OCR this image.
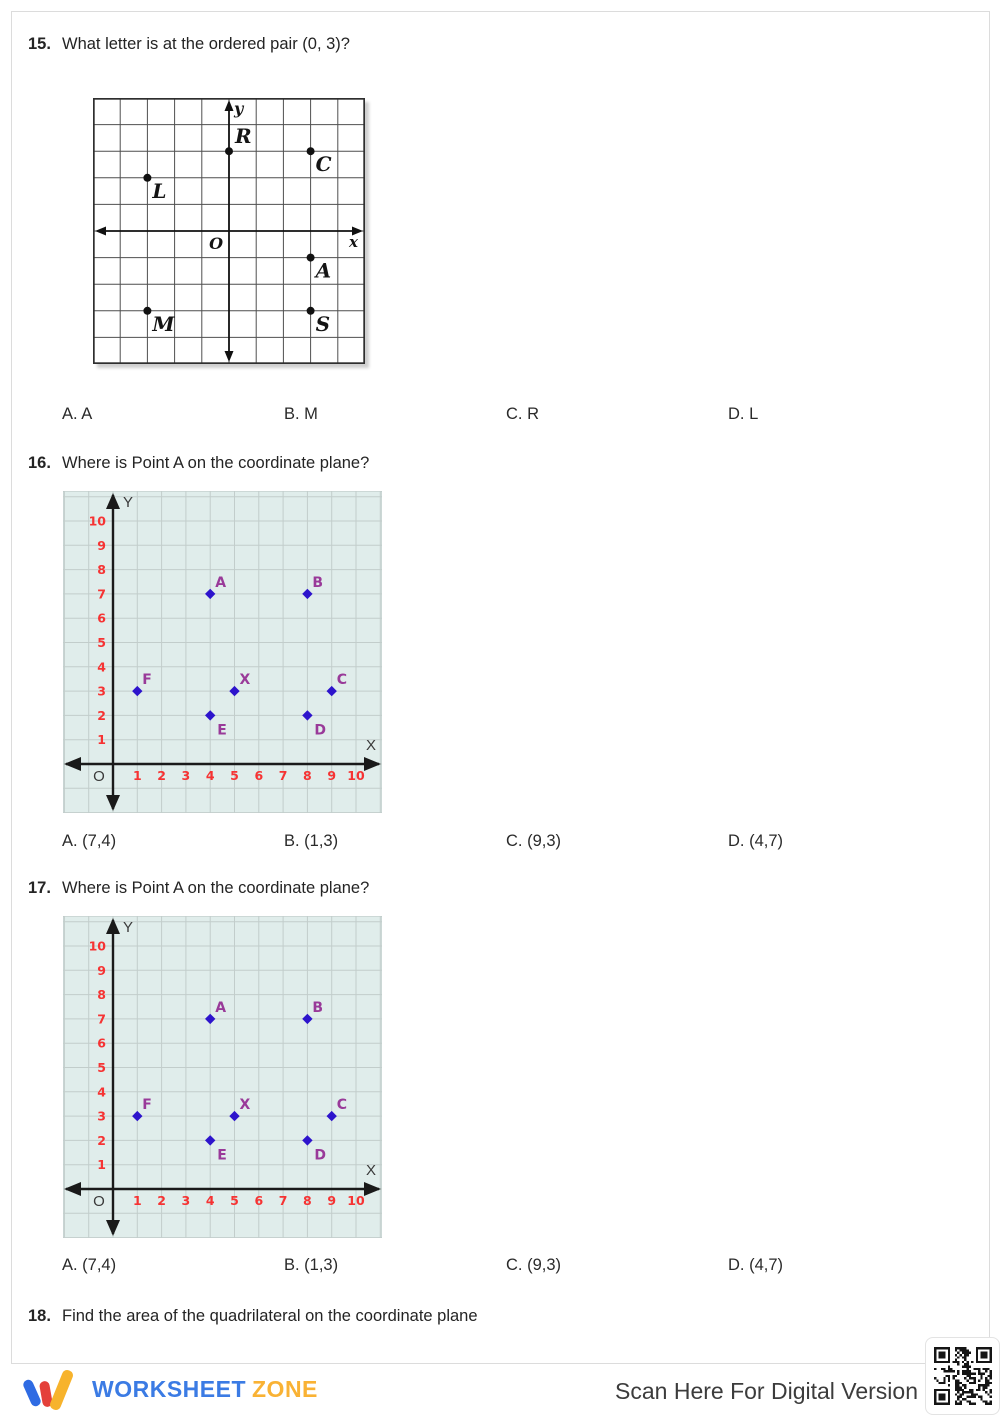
15. What letter is at the ordered pair (0, 3)?
y
x
O
R
C
L
A
M	S
A. A	B. M	C. R	D. L
16. Where is Point A on the coordinate plane?
Y
X
O 1 2 3 4 5 6 7 8 9 10
1
2
3
4
5
6
7
8
9
10
A	B
F	X	C
E	D
A. (7,4)	B. (1,3)	C. (9,3)	D. (4,7)
17. Where is Point A on the coordinate plane?
Y
X
O 1 2 3 4 5 6 7 8 9 10
1
2
3
4
5
6
7
8
9
10
A	B
F	X	C
E	D
A. (7,4)	B. (1,3)	C. (9,3)	D. (4,7)
18. Find the area of the quadrilateral on the coordinate plane
WORKSHEET ZONE	Scan Here For Digital Version
